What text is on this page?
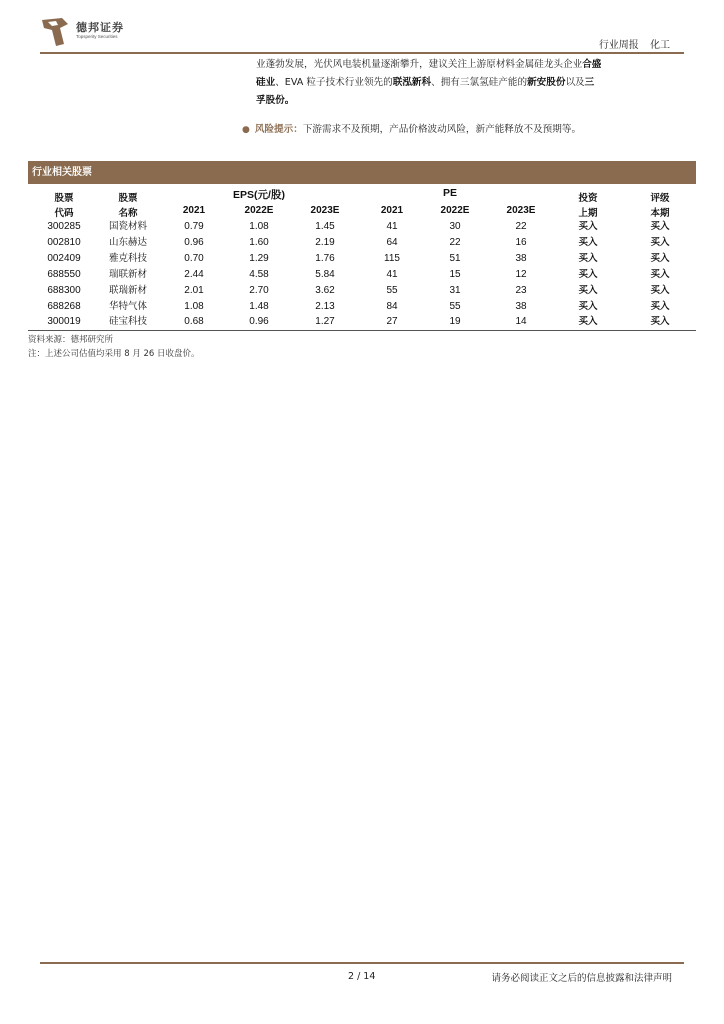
德邦证券
Topsperity Securities
行业周报 化工
业蓬勃发展，光伏风电装机量逐渐攀升，建议关注上游原材料金属硅龙头企业合盛
硅业、EVA 粒子技术行业领先的联泓新科、拥有三氯氢硅产能的新安股份以及三
孚股份。
● 风险提示：下游需求不及预期，产品价格波动风险，新产能释放不及预期等。
行业相关股票
EPS(元/股)	PE
股票
代码
股票
名称	2021	2022E	2023E	2021	2022E	2023E
投资
上期
评级
本期
300285	国瓷材料	0.79	1.08	1.45	41	30	22	买入	买入
002810	山东赫达	0.96	1.60	2.19	64	22	16	买入	买入
002409	雅克科技	0.70	1.29	1.76	115	51	38	买入	买入
688550	瑞联新材	2.44	4.58	5.84	41	15	12	买入	买入
688300	联瑞新材	2.01	2.70	3.62	55	31	23	买入	买入
688268	华特气体	1.08	1.48	2.13	84	55	38	买入	买入
300019	硅宝科技	0.68	0.96	1.27	27	19	14	买入	买入
资料来源：德邦研究所
注：上述公司估值均采用 8 月 26 日收盘价。
2 / 14	请务必阅读正文之后的信息披露和法律声明
